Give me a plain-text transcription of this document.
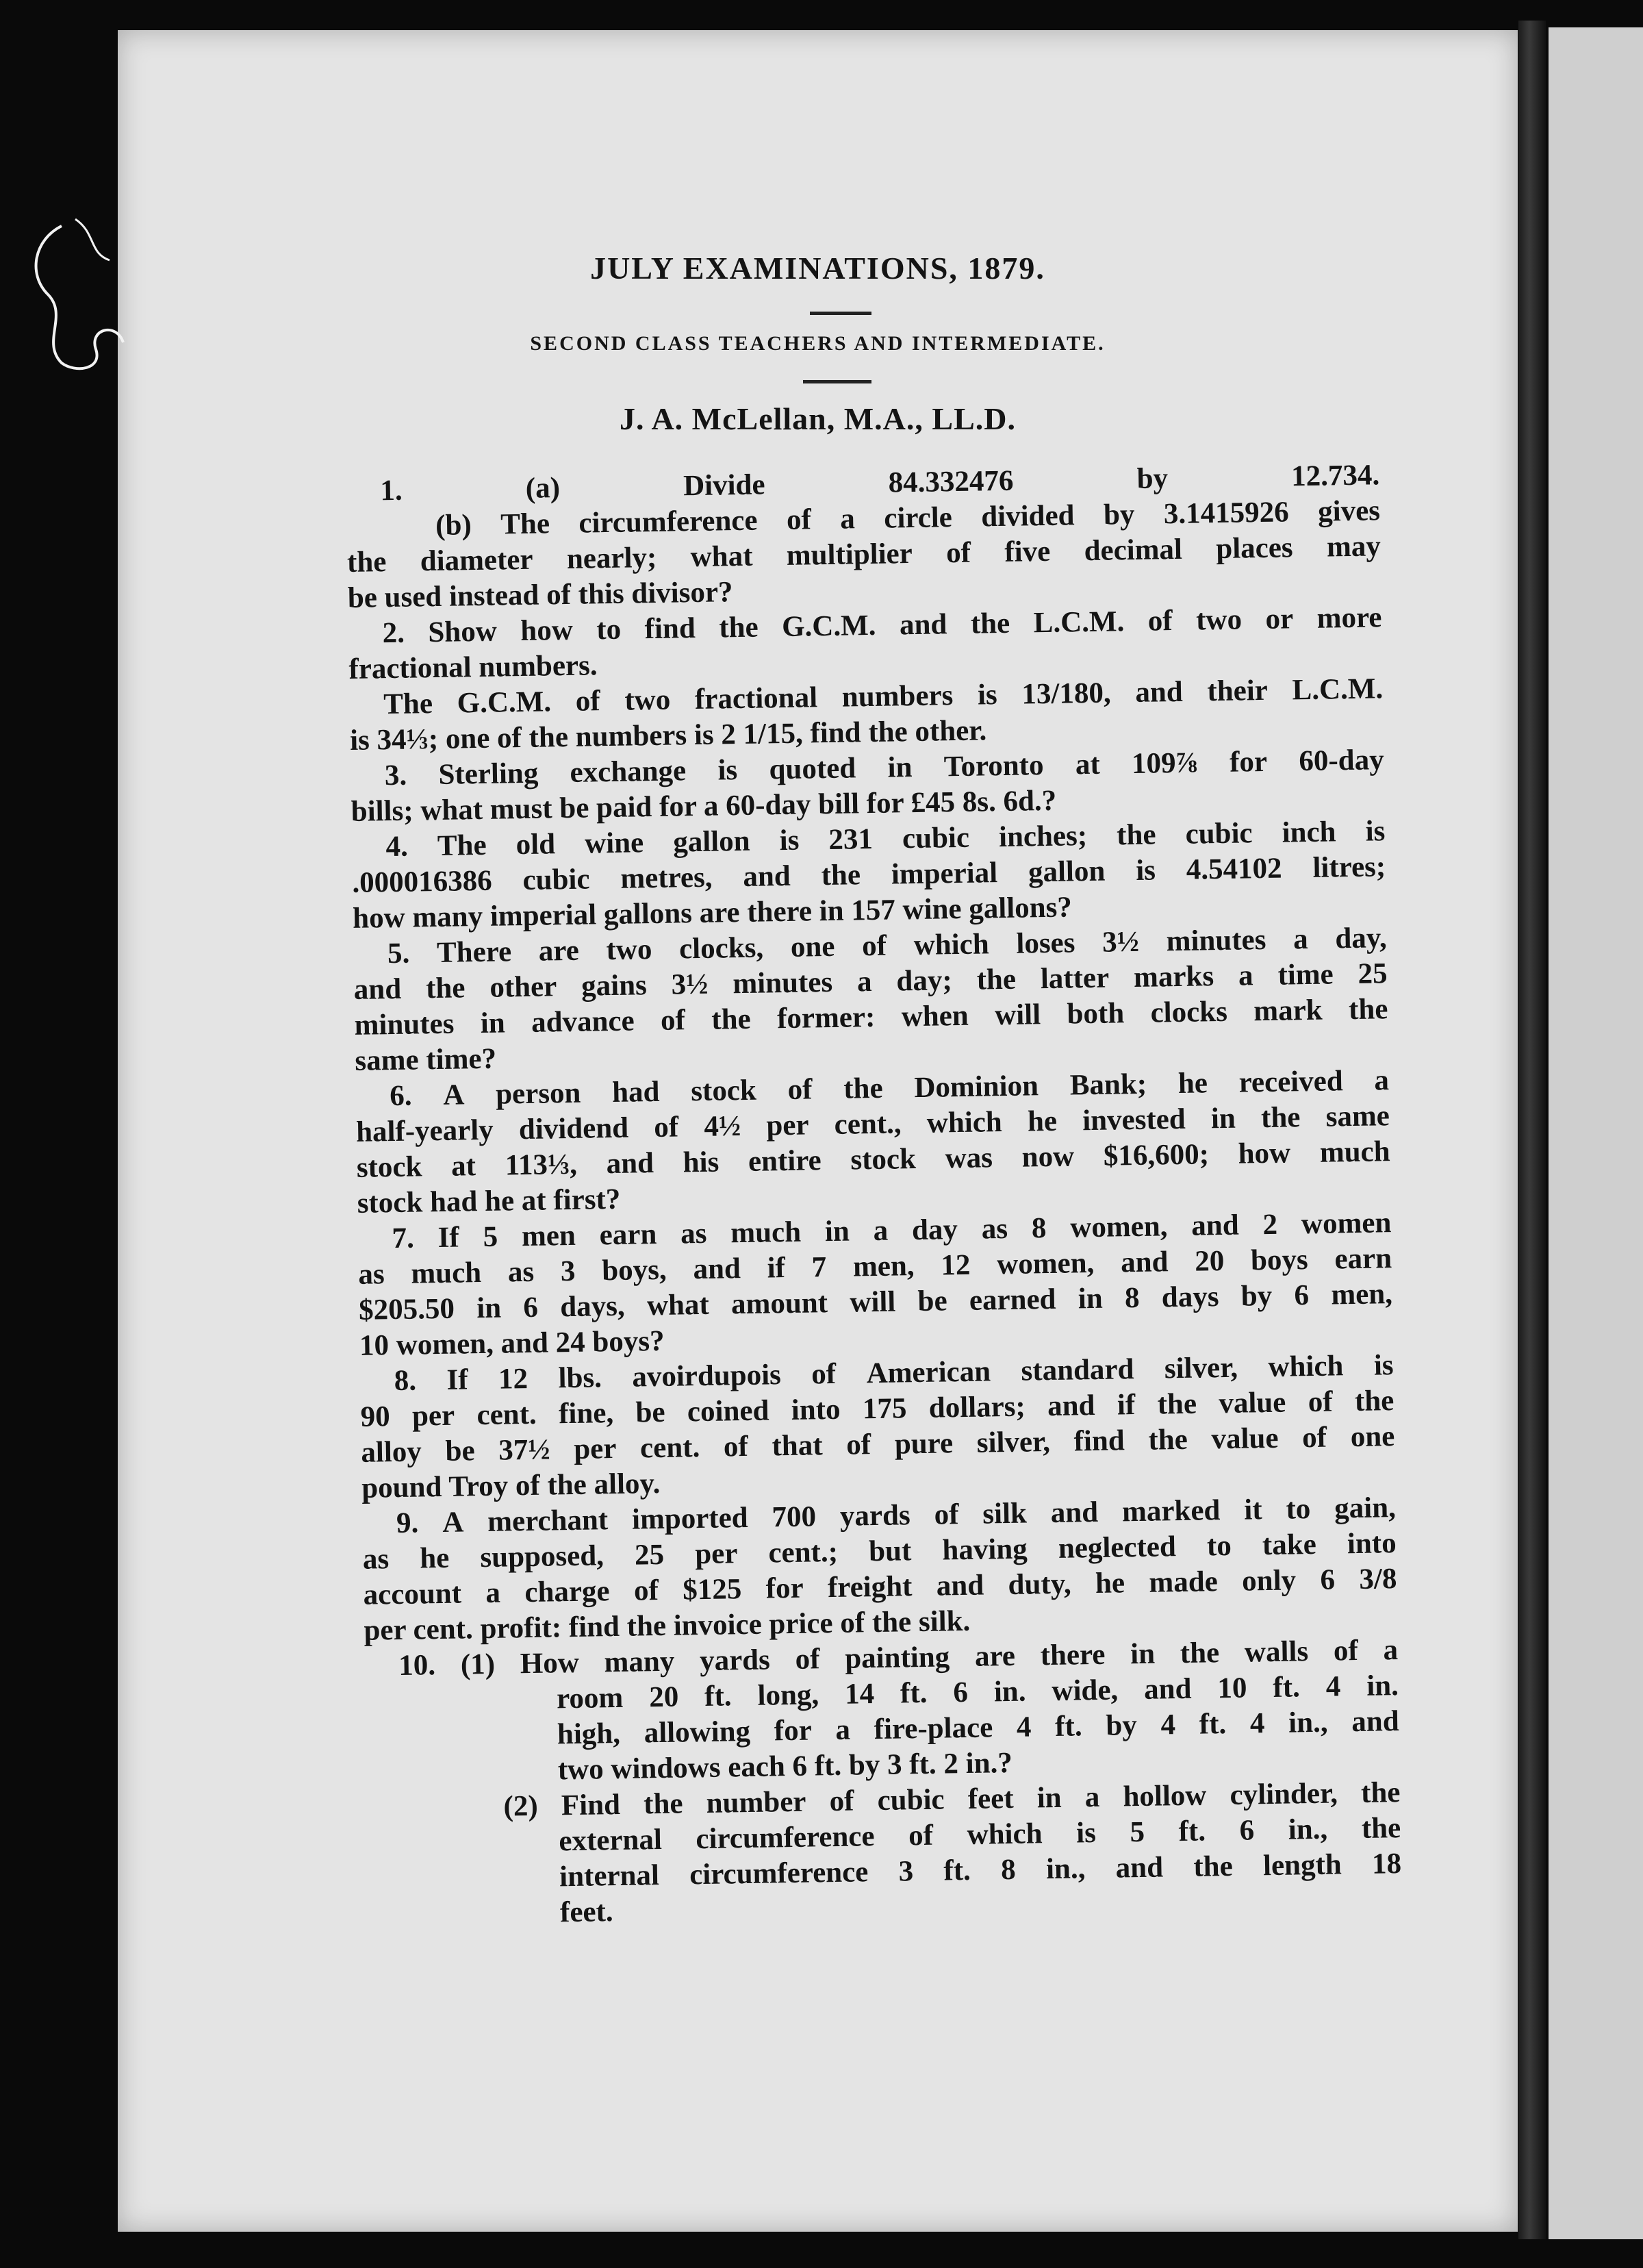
JULY EXAMINATIONS, 1879.
SECOND CLASS TEACHERS AND INTERMEDIATE.
J. A. McLellan, M.A., LL.D.
1.	(a)	Divide	84.332476	by	12.734.
(b) The circumference of a circle divided by 3.1415926 gives
the diameter nearly; what multiplier of five decimal places may
be used instead of this divisor?
2. Show how to find the G.C.M. and the L.C.M. of two or more
fractional numbers.
The G.C.M. of two fractional numbers is 13/180, and their L.C.M.
is 34⅓; one of the numbers is 2 1/15, find the other.
3. Sterling exchange is quoted in Toronto at 109⅞ for 60-day
bills; what must be paid for a 60-day bill for £45 8s. 6d.?
4. The old wine gallon is 231 cubic inches; the cubic inch is
.000016386 cubic metres, and the imperial gallon is 4.54102 litres;
how many imperial gallons are there in 157 wine gallons?
5. There are two clocks, one of which loses 3½ minutes a day,
and the other gains 3½ minutes a day; the latter marks a time 25
minutes in advance of the former: when will both clocks mark the
same time?
6. A person had stock of the Dominion Bank; he received a
half-yearly dividend of 4½ per cent., which he invested in the same
stock at 113⅓, and his entire stock was now $16,600; how much
stock had he at first?
7. If 5 men earn as much in a day as 8 women, and 2 women
as much as 3 boys, and if 7 men, 12 women, and 20 boys earn
$205.50 in 6 days, what amount will be earned in 8 days by 6 men,
10 women, and 24 boys?
8. If 12 lbs. avoirdupois of American standard silver, which is
90 per cent. fine, be coined into 175 dollars; and if the value of the
alloy be 37½ per cent. of that of pure silver, find the value of one
pound Troy of the alloy.
9. A merchant imported 700 yards of silk and marked it to gain,
as he supposed, 25 per cent.; but having neglected to take into
account a charge of $125 for freight and duty, he made only 6 3/8
per cent. profit: find the invoice price of the silk.
10. (1) How many yards of painting are there in the walls of a
room 20 ft. long, 14 ft. 6 in. wide, and 10 ft. 4 in.
high, allowing for a fire-place 4 ft. by 4 ft. 4 in., and
two windows each 6 ft. by 3 ft. 2 in.?
(2) Find the number of cubic feet in a hollow cylinder, the
external circumference of which is 5 ft. 6 in., the
internal circumference 3 ft. 8 in., and the length 18
feet.
